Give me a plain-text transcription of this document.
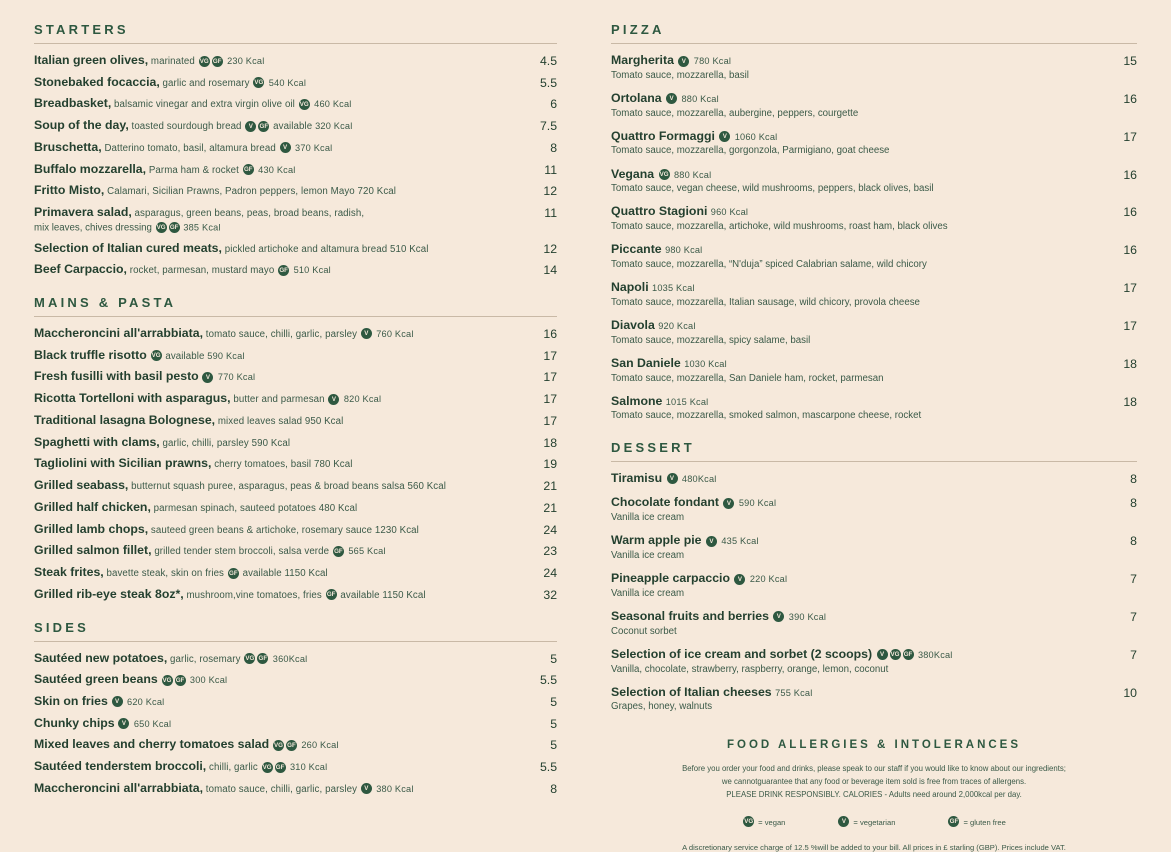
STARTERS
Italian green olives, marinated VG GF 230 Kcal	4.5
Stonebaked focaccia, garlic and rosemary VG 540 Kcal	5.5
Breadbasket, balsamic vinegar and extra virgin olive oil VG 460 Kcal	6
Soup of the day, toasted sourdough bread V GF available 320 Kcal	7.5
Bruschetta, Datterino tomato, basil, altamura bread V 370 Kcal	8
Buffalo mozzarella, Parma ham & rocket GF 430 Kcal	11
Fritto Misto, Calamari, Sicilian Prawns, Padron peppers, lemon Mayo 720 Kcal	12
Primavera salad, asparagus, green beans, peas, broad beans, radish,
mix leaves, chives dressing VG GF 385 Kcal
11
Selection of Italian cured meats, pickled artichoke and altamura bread 510 Kcal	12
Beef Carpaccio, rocket, parmesan, mustard mayo GF 510 Kcal	14
MAINS & PASTA
Maccheroncini all'arrabbiata, tomato sauce, chilli, garlic, parsley V 760 Kcal	16
Black truffle risotto VG available 590 Kcal	17
Fresh fusilli with basil pesto V 770 Kcal	17
Ricotta Tortelloni with asparagus, butter and parmesan V 820 Kcal	17
Traditional lasagna Bolognese, mixed leaves salad 950 Kcal	17
Spaghetti with clams, garlic, chilli, parsley 590 Kcal	18
Tagliolini with Sicilian prawns, cherry tomatoes, basil 780 Kcal	19
Grilled seabass, butternut squash puree, asparagus, peas & broad beans salsa 560 Kcal	21
Grilled half chicken, parmesan spinach, sauteed potatoes 480 Kcal	21
Grilled lamb chops, sauteed green beans & artichoke, rosemary sauce 1230 Kcal	24
Grilled salmon fillet, grilled tender stem broccoli, salsa verde GF 565 Kcal	23
Steak frites, bavette steak, skin on fries GF available 1150 Kcal	24
Grilled rib-eye steak 8oz*, mushroom,vine tomatoes, fries GF available 1150 Kcal	32
SIDES
Sautéed new potatoes, garlic, rosemary VG GF 360Kcal	5
Sautéed green beans VG GF 300 Kcal	5.5
Skin on fries V 620 Kcal	5
Chunky chips V 650 Kcal	5
Mixed leaves and cherry tomatoes salad VG GF 260 Kcal	5
Sautéed tenderstem broccoli, chilli, garlic VG GF 310 Kcal	5.5
Maccheroncini all'arrabbiata, tomato sauce, chilli, garlic, parsley V 380 Kcal	8
PIZZA
Margherita V 780 Kcal
Tomato sauce, mozzarella, basil
15
Ortolana V 880 Kcal
Tomato sauce, mozzarella, aubergine, peppers, courgette
16
Quattro Formaggi V 1060 Kcal
Tomato sauce, mozzarella, gorgonzola, Parmigiano, goat cheese
17
Vegana VG 880 Kcal
Tomato sauce, vegan cheese, wild mushrooms, peppers, black olives, basil
16
Quattro Stagioni 960 Kcal
Tomato sauce, mozzarella, artichoke, wild mushrooms, roast ham, black olives
16
Piccante 980 Kcal
Tomato sauce, mozzarella, “N'duja” spiced Calabrian salame, wild chicory
16
Napoli 1035 Kcal
Tomato sauce, mozzarella, Italian sausage, wild chicory, provola cheese
17
Diavola 920 Kcal
Tomato sauce, mozzarella, spicy salame, basil
17
San Daniele 1030 Kcal
Tomato sauce, mozzarella, San Daniele ham, rocket, parmesan
18
Salmone 1015 Kcal
Tomato sauce, mozzarella, smoked salmon, mascarpone cheese, rocket
18
DESSERT
Tiramisu V 480Kcal	8
Chocolate fondant V 590 Kcal
Vanilla ice cream
8
Warm apple pie V 435 Kcal
Vanilla ice cream
8
Pineapple carpaccio V 220 Kcal
Vanilla ice cream
7
Seasonal fruits and berries V 390 Kcal
Coconut sorbet
7
Selection of ice cream and sorbet (2 scoops) V VG GF 380Kcal
Vanilla, chocolate, strawberry, raspberry, orange, lemon, coconut
7
Selection of Italian cheeses 755 Kcal
Grapes, honey, walnuts
10
FOOD ALLERGIES & INTOLERANCES
Before you order your food and drinks, please speak to our staff if you would like to know about our ingredients;
we cannotguarantee that any food or beverage item sold is free from traces of allergens.
PLEASE DRINK RESPONSIBLY. CALORIES - Adults need around 2,000kcal per day.
VG = vegan	V = vegetarian	GF = gluten free
A discretionary service charge of 12.5 %will be added to your bill. All prices in £ starling (GBP). Prices include VAT.
